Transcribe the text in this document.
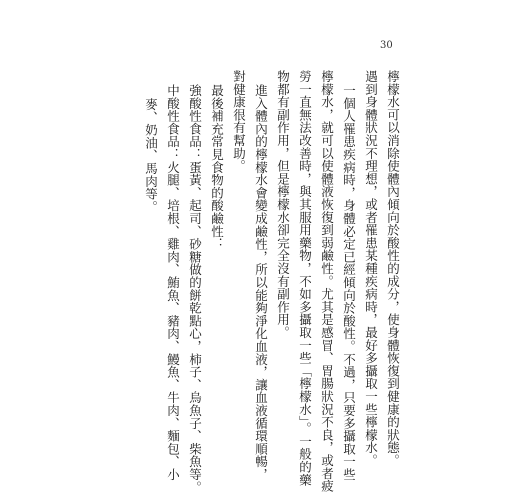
30
檸檬水可以消除使體內傾向於酸性的成分，使身體恢復到健康的狀態。
遇到身體狀況不理想，或者罹患某種疾病時，最好多攝取一些檸檬水。
一個人罹患疾病時，身體必定已經傾向於酸性。不過，只要多攝取一些
檸檬水，就可以使體液恢復到弱鹼性。尤其是感冒、胃腸狀況不良，或者疲
勞一直無法改善時，與其服用藥物，不如多攝取一些「檸檬水」。一般的藥
物都有副作用，但是檸檬水卻完全沒有副作用。
進入體內的檸檬水會變成鹼性，所以能夠淨化血液，讓血液循環順暢，
對健康很有幫助。
最後補充常見食物的酸鹼性：
強酸性食品：蛋黃、起司、砂糖做的餅乾點心，柿子、烏魚子、柴魚等。
中酸性食品：火腿、培根、雞肉、鮪魚、豬肉、鰻魚、牛肉、麵包、小
麥、奶油、馬肉等。
